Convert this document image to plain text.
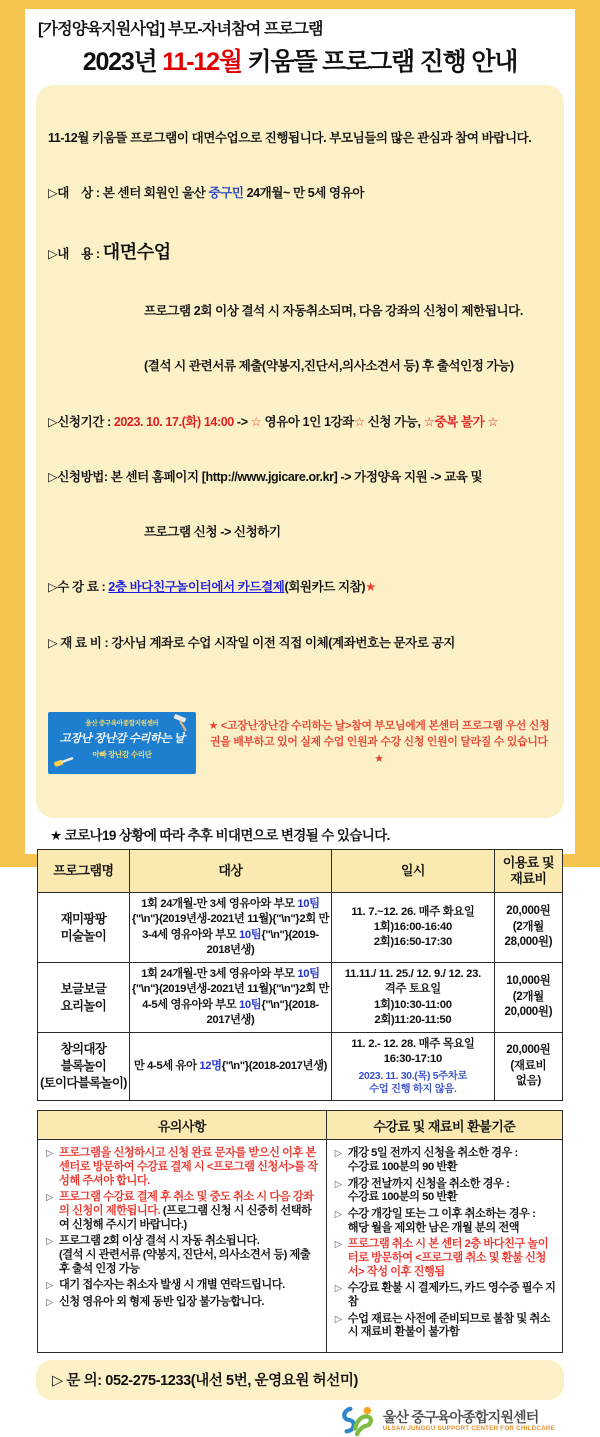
[가정양육지원사업] 부모-자녀참여 프로그램
2023년 11-12월 키움뜰 프로그램 진행 안내

11-12월 키움뜰 프로그램이 대면수업으로 진행됩니다. 부모님들의 많은 관심과 참여 바랍니다.

▷대    상 : 본 센터 회원인 울산 중구민 24개월~ 만 5세 영유아

▷내    용 : 대면수업

프로그램 2회 이상 결석 시 자동취소되며, 다음 강좌의 신청이 제한됩니다.

(결석 시 관련서류 제출(약봉지,진단서,의사소견서 등) 후 출석인정 가능)

▷신청기간 : 2023. 10. 17.(화) 14:00 -> ☆ 영유아 1인 1강좌☆ 신청 가능, ☆중복 불가 ☆

▷신청방법: 본 센터 홈페이지 [http://www.jgicare.or.kr] -> 가정양육 지원 -> 교육 및

프로그램 신청 -> 신청하기

▷수 강 료 : 2층 바다친구놀이터에서 카드결제(회원카드 지참)★

▷ 재 료 비 : 강사님 계좌로 수업 시작일 이전 직접 이체(계좌번호는 문자로 공지

울산 중구육아종합지원센터
고장난 장난감 수리하는 날
아빠 장난감 수리단
★ <고장난장난감 수리하는 날>참여 부모님에게 본센터 프로그램 우선 신청권을 배부하고 있어 실제 수업 인원과 수강 신청 인원이 달라질 수 있습니다 ★

★ 코로나19 상황에 따라 추후 비대면으로 변경될 수 있습니다.
프로그램명	대상	일시	이용료 및
재료비
재미팡팡
미술놀이	1회 24개월-만 3세 영유아와 부모 10팀{"\n"}(2019년생-2021년 11월){"\n"}2회 만 3-4세 영유아와 부모 10팀{"\n"}(2019-2018년생)	11. 7.~12. 26. 매주 화요일
1회)16:00-16:40
2회)16:50-17:30	20,000원
(2개월
28,000원)
보글보글
요리놀이	1회 24개월-만 3세 영유아와 부모 10팀{"\n"}(2019년생-2021년 11월){"\n"}2회 만 4-5세 영유아와 부모 10팀{"\n"}(2018-2017년생)	11.11./ 11. 25./ 12. 9./ 12. 23.
격주 토요일
1회)10:30-11:00
2회)11:20-11:50	10,000원
(2개월
20,000원)
창의대장
블록놀이
(토이다블록놀이)	만 4-5세 유아 12명{"\n"}(2018-2017년생)	11. 2.- 12. 28. 매주 목요일
16:30-17:10
2023. 11. 30.(목) 5주차로
수업 진행 하지 않음.	20,000원
(재료비
없음)
유의사항	수강료 및 재료비 환불기준

▷ 프로그램을 신청하시고 신청 완료 문자를 받으신 이후 본 센터로 방문하여 수강료 결제 시 <프로그램 신청서>를 작성해 주셔야 합니다.
▷ 프로그램 수강료 결제 후 취소 및 중도 취소 시 다음 강좌의 신청이 제한됩니다. (프로그램 신청 시 신중히 선택하여 신청해 주시기 바랍니다.)
▷ 프로그램 2회 이상 결석 시 자동 취소됩니다.
(결석 시 관련서류 (약봉지, 진단서, 의사소견서 등) 제출 후 출석 인정 가능
▷ 대기 접수자는 취소자 발생 시 개별 연락드립니다.
▷ 신청 영유아 외 형제 동반 입장 불가능합니다.

▷ 개강 5일 전까지 신청을 취소한 경우 :
수강료 100분의 90 반환
▷ 개강 전날까지 신청을 취소한 경우 :
수강료 100분의 50 반환
▷ 수강 개강일 또는 그 이후 취소하는 경우 :
해당 월을 제외한 남은 개월 분의 전액
▷ 프로그램 취소 시 본 센터 2층 바다친구 놀이터로 방문하여 <프로그램 취소 및 환불 신청서> 작성 이후 진행됨
▷ 수강료 환불 시 결제카드, 카드 영수증 필수 지참
▷ 수업 재료는 사전에 준비되므로 불참 및 취소 시 재료비 환불이 불가함
▷ 문 의: 052-275-1233(내선 5번, 운영요원 허선미)
울산 중구육아종합지원센터
ULSAN JUNGGU SUPPORT CENTER FOR CHILDCARE
